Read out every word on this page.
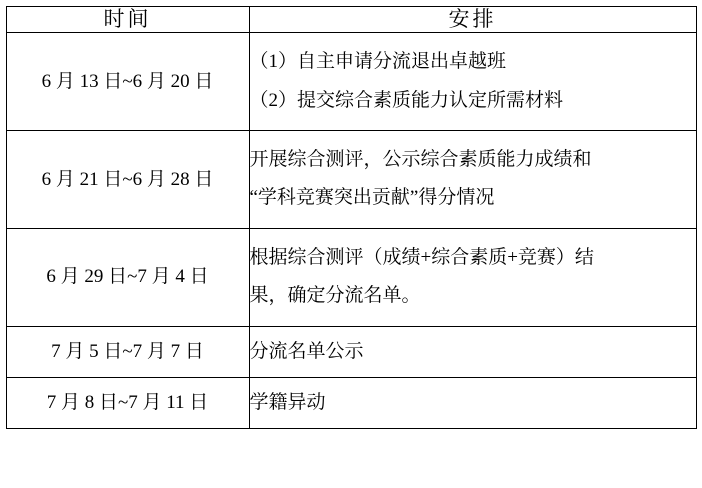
时间	安排
6 月 13 日~6 月 20 日	（1）自主申请分流退出卓越班
（2）提交综合素质能力认定所需材料

6 月 21 日~6 月 28 日	开展综合测评，公示综合素质能力成绩和
“学科竞赛突出贡献”得分情况

6 月 29 日~7 月 4 日	根据综合测评（成绩+综合素质+竞赛）结
果，确定分流名单。

7 月 5 日~7 月 7 日	分流名单公示

7 月 8 日~7 月 11 日	学籍异动
